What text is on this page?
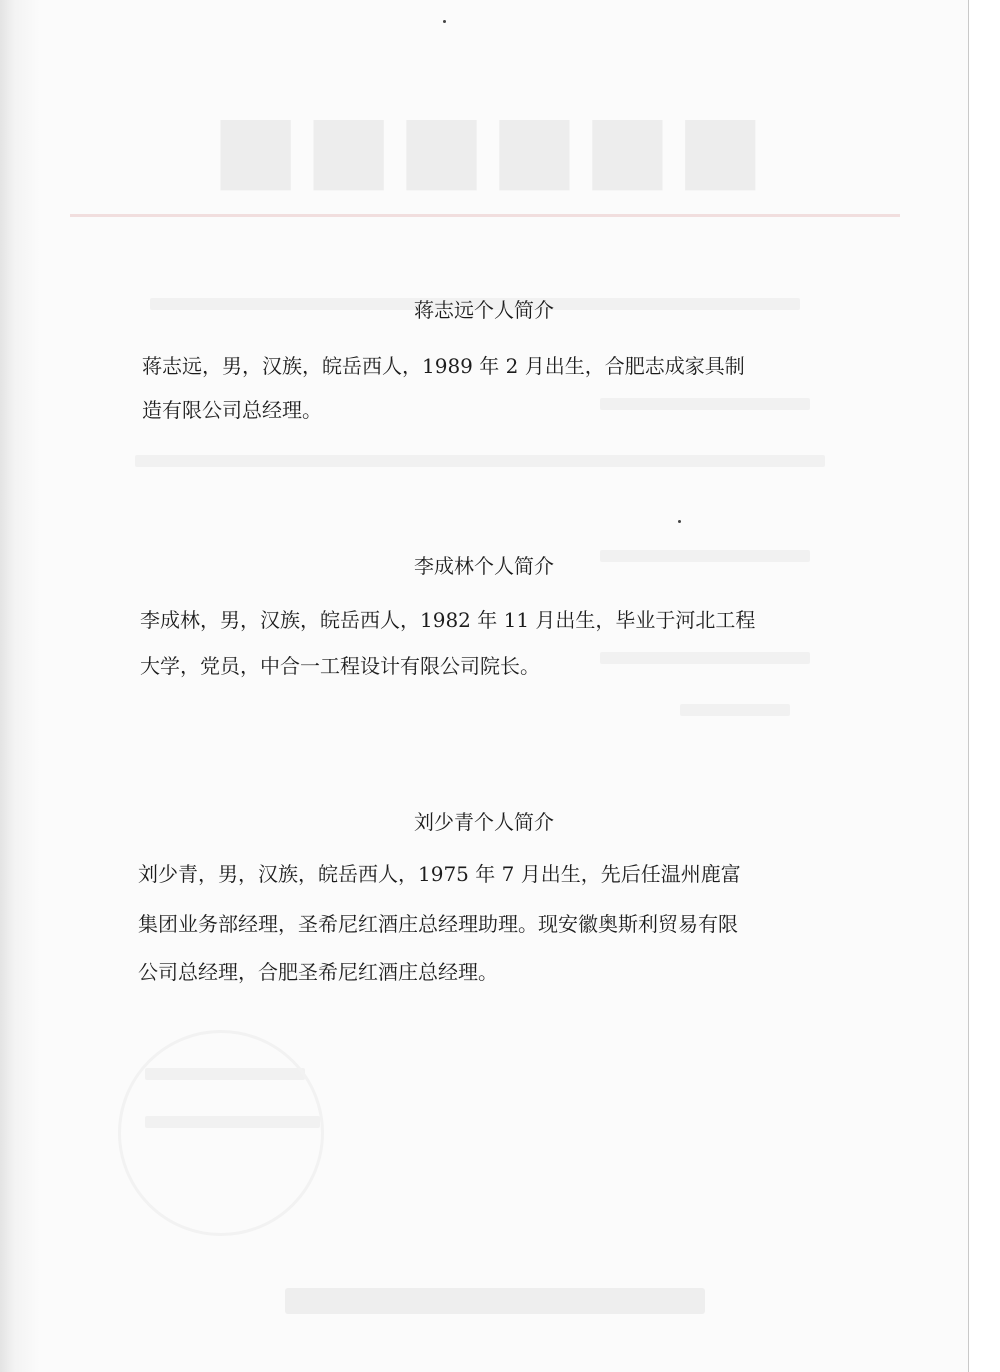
■■■■■■
蒋志远个人简介
蒋志远，男，汉族，皖岳西人，1989 年 2 月出生，合肥志成家具制
造有限公司总经理。
李成林个人简介
李成林，男，汉族，皖岳西人，1982 年 11 月出生，毕业于河北工程
大学，党员，中合一工程设计有限公司院长。
刘少青个人简介
刘少青，男，汉族，皖岳西人，1975 年 7 月出生，先后任温州鹿富
集团业务部经理，圣希尼红酒庄总经理助理。现安徽奥斯利贸易有限
公司总经理，合肥圣希尼红酒庄总经理。
